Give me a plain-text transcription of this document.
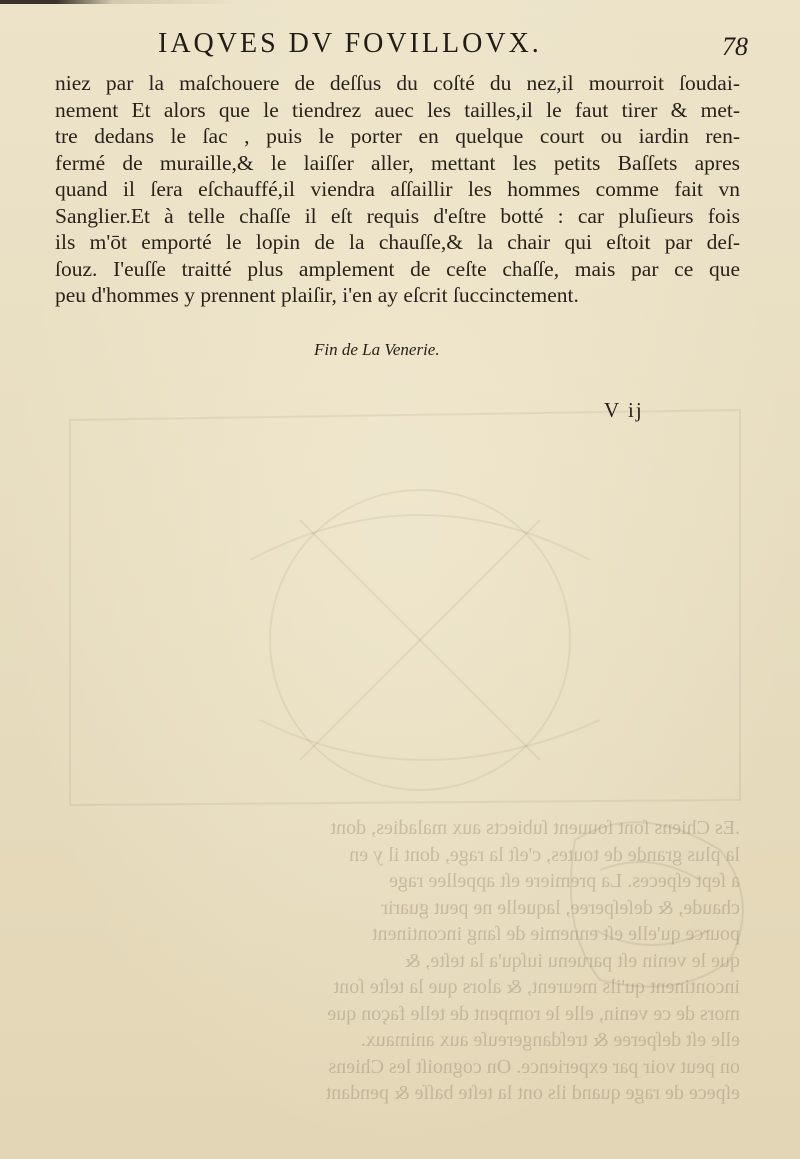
.Es Chiens ſont ſouuent ſubiects aux maladies, dont
la plus grande de toutes, c'eſt la rage, dont il y en
a ſept eſpeces. La premiere eſt appellee rage
chaude, & deſeſperee, laquelle ne peut guarir
pource qu'elle eſt ennemie de ſang incontinent
que le venin eſt paruenu iuſqu'a la teſte, &
incontinent qu'ils meurent, & alors que la teſte ſont
mors de ce venin, elle le rompent de telle façon que
elle eſt deſperee & treſdangereuſe aux animaux.
on peut voir par experience. On cognoiſt les Chiens
eſpece de rage quand ils ont la teſte baſſe & pendant
IAQVES DV FOVILLOVX.	78
niez par la maſchouere de deſſus du coſté du nez,il mourroit ſoudai-
nement Et alors que le tiendrez auec les tailles,il le faut tirer & met-
tre dedans le ſac , puis le porter en quelque court ou iardin ren-
fermé de muraille,& le laiſſer aller, mettant les petits Baſſets apres
quand il ſera eſchauffé,il viendra aſſaillir les hommes comme fait vn
Sanglier.Et à telle chaſſe il eſt requis d'eſtre botté : car pluſieurs fois
ils m'ōt emporté le lopin de la chauſſe,& la chair qui eſtoit par deſ-
ſouz. I'euſſe traitté plus amplement de ceſte chaſſe, mais par ce que
peu d'hommes y prennent plaiſir, i'en ay eſcrit ſuccinctement.
Fin de La Venerie.
V ij
